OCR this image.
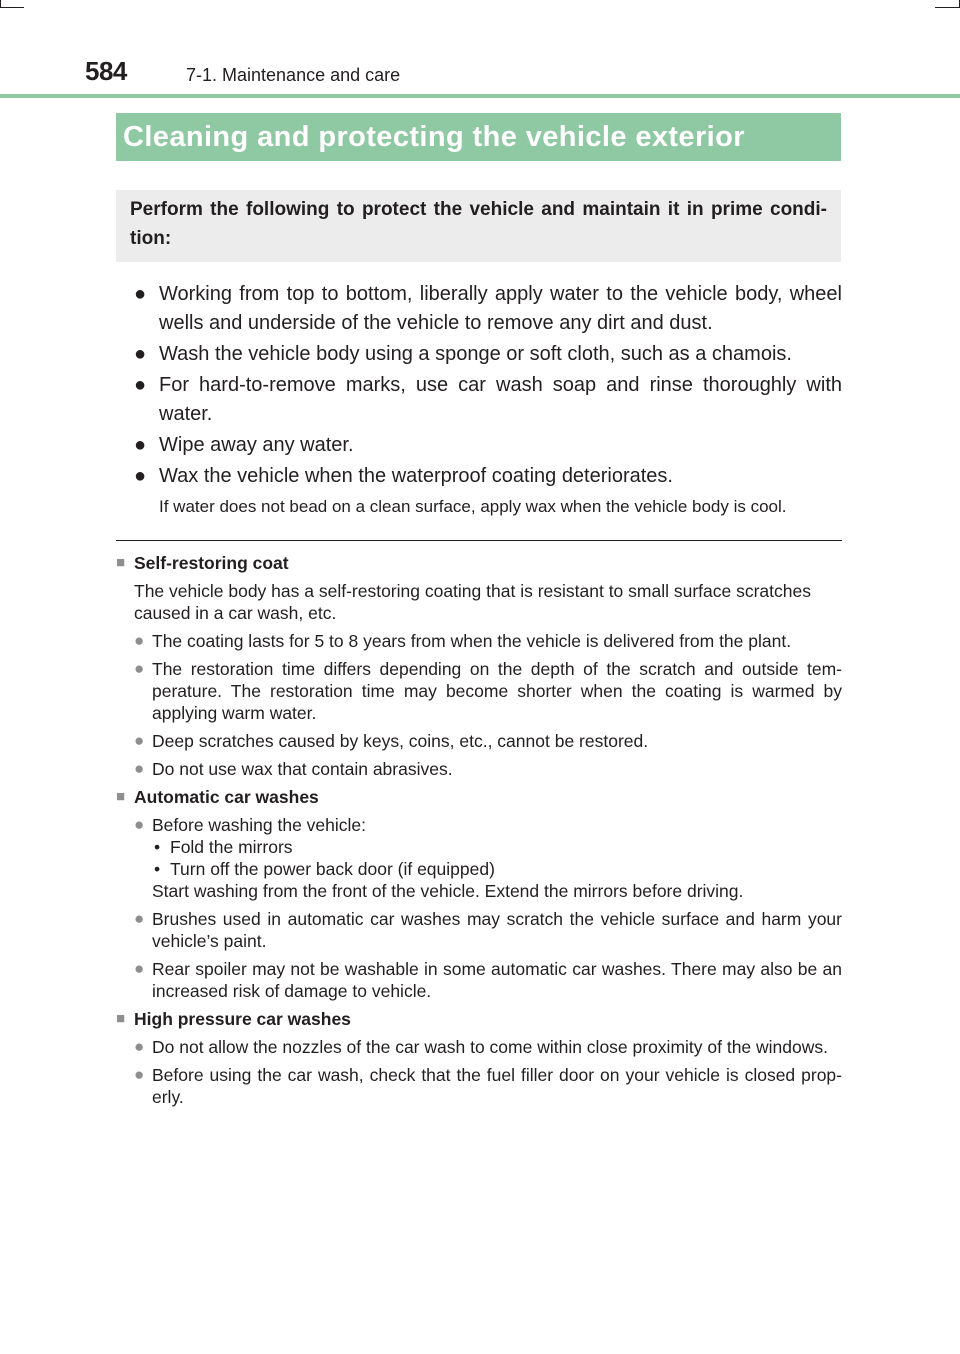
584	7-1. Maintenance and care
Cleaning and protecting the vehicle exterior
Perform the following to protect the vehicle and maintain it in prime condi- tion:
● Working from top to bottom, liberally apply water to the vehicle body, wheel wells and underside of the vehicle to remove any dirt and dust.
● Wash the vehicle body using a sponge or soft cloth, such as a chamois.
● For hard-to-remove marks, use car wash soap and rinse thoroughly with water.
● Wipe away any water.
● Wax the vehicle when the waterproof coating deteriorates.
If water does not bead on a clean surface, apply wax when the vehicle body is cool.
■ Self-restoring coat
The vehicle body has a self-restoring coating that is resistant to small surface scratches caused in a car wash, etc.
● The coating lasts for 5 to 8 years from when the vehicle is delivered from the plant.
● The restoration time differs depending on the depth of the scratch and outside tem- perature. The restoration time may become shorter when the coating is warmed by applying warm water.
● Deep scratches caused by keys, coins, etc., cannot be restored.
● Do not use wax that contain abrasives.
■ Automatic car washes
● Before washing the vehicle:
• Fold the mirrors
• Turn off the power back door (if equipped)
Start washing from the front of the vehicle. Extend the mirrors before driving.
● Brushes used in automatic car washes may scratch the vehicle surface and harm your vehicle’s paint.
● Rear spoiler may not be washable in some automatic car washes. There may also be an increased risk of damage to vehicle.
■ High pressure car washes
● Do not allow the nozzles of the car wash to come within close proximity of the windows.
● Before using the car wash, check that the fuel filler door on your vehicle is closed prop- erly.
